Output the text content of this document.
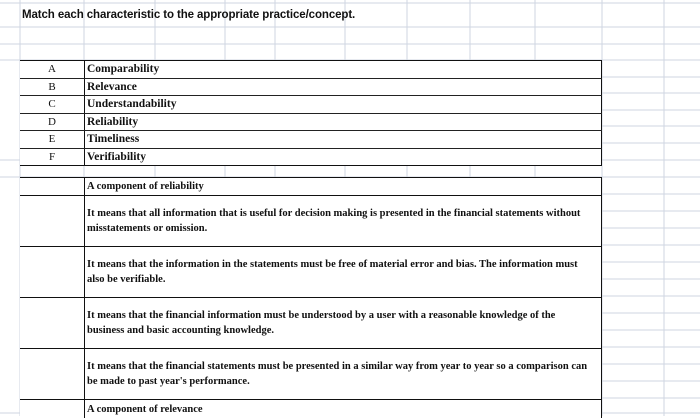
Match each characteristic to the appropriate practice/concept.
A	Comparability
B	Relevance
C	Understandability
D	Reliability
E	Timeliness
F	Verifiability
A component of reliability
It means that all information that is useful for decision making is presented in the financial statements without misstatements or omission.
It means that the information in the statements must be free of material error and bias. The information must also be verifiable.
It means that the financial information must be understood by a user with a reasonable knowledge of the business and basic accounting knowledge.
It means that the financial statements must be presented in a similar way from year to year so a comparison can be made to past year's performance.
A component of relevance
